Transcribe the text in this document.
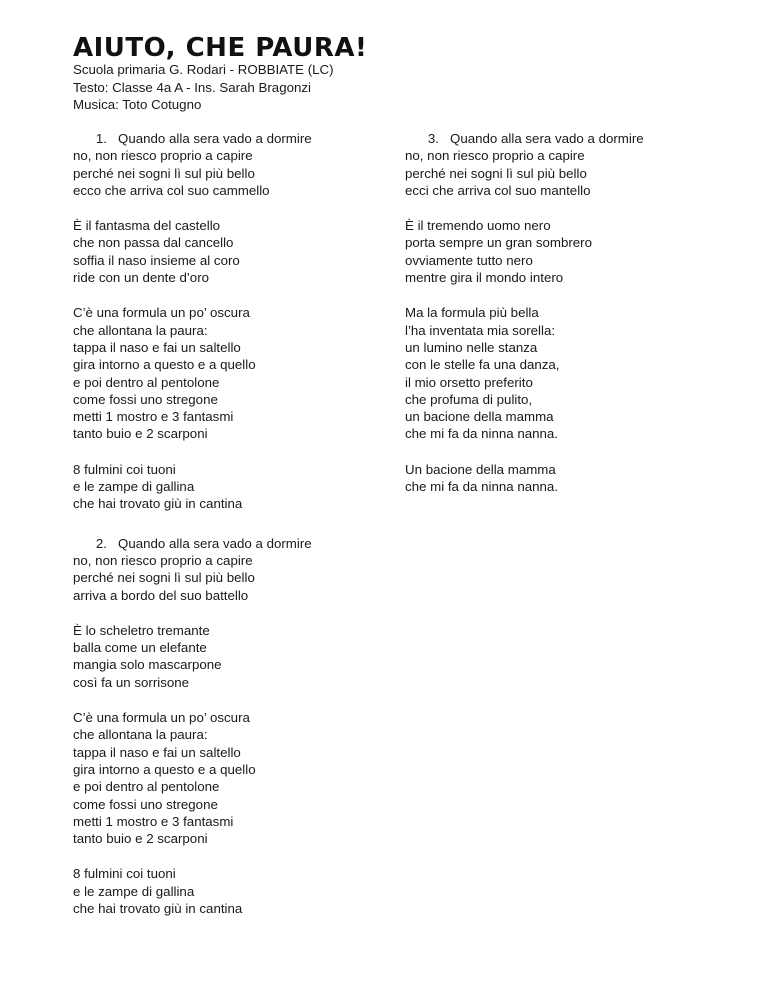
AIUTO, CHE PAURA!
Scuola primaria G. Rodari - ROBBIATE (LC)
Testo: Classe 4a A - Ins. Sarah Bragonzi
Musica: Toto Cotugno
1. Quando alla sera vado a dormire
no, non riesco proprio a capire
perché nei sogni lì sul più bello
ecco che arriva col suo cammello
È il fantasma del castello
che non passa dal cancello
soffia il naso insieme al coro
ride con un dente d’oro
C’è una formula un po’ oscura
che allontana la paura:
tappa il naso e fai un saltello
gira intorno a questo e a quello
e poi dentro al pentolone
come fossi uno stregone
metti 1 mostro e 3 fantasmi
tanto buio e 2 scarponi
8 fulmini coi tuoni
e le zampe di gallina
che hai trovato giù in cantina
2. Quando alla sera vado a dormire
no, non riesco proprio a capire
perché nei sogni lì sul più bello
arriva a bordo del suo battello
È lo scheletro tremante
balla come un elefante
mangia solo mascarpone
così fa un sorrisone
C’è una formula un po’ oscura
che allontana la paura:
tappa il naso e fai un saltello
gira intorno a questo e a quello
e poi dentro al pentolone
come fossi uno stregone
metti 1 mostro e 3 fantasmi
tanto buio e 2 scarponi
8 fulmini coi tuoni
e le zampe di gallina
che hai trovato giù in cantina
3. Quando alla sera vado a dormire
no, non riesco proprio a capire
perché nei sogni lì sul più bello
ecci che arriva col suo mantello
È il tremendo uomo nero
porta sempre un gran sombrero
ovviamente tutto nero
mentre gira il mondo intero
Ma la formula più bella
l’ha inventata mia sorella:
un lumino nelle stanza
con le stelle fa una danza,
il mio orsetto preferito
che profuma di pulito,
un bacione della mamma
che mi fa da ninna nanna.
Un bacione della mamma
che mi fa da ninna nanna.
